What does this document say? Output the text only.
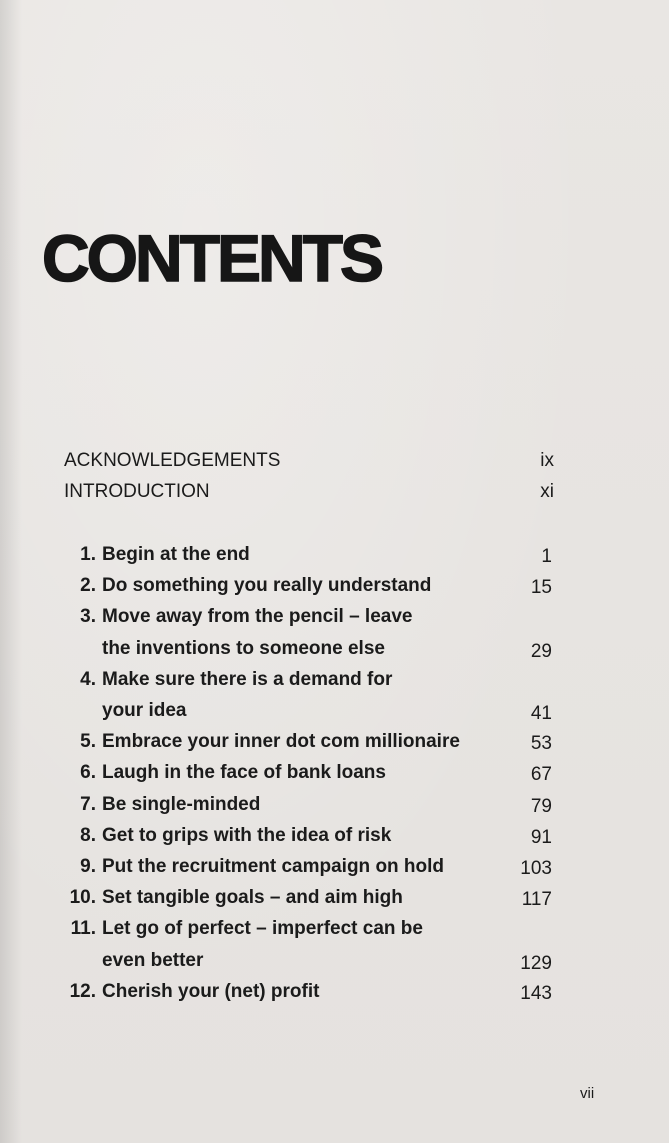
CONTENTS
ACKNOWLEDGEMENTS	ix
INTRODUCTION	xi
1. Begin at the end	1
2. Do something you really understand	15
3. Move away from the pencil – leave
the inventions to someone else	29
4. Make sure there is a demand for
your idea	41
5. Embrace your inner dot com millionaire	53
6. Laugh in the face of bank loans	67
7. Be single-minded	79
8. Get to grips with the idea of risk	91
9. Put the recruitment campaign on hold	103
10. Set tangible goals – and aim high	117
11. Let go of perfect – imperfect can be
even better	129
12. Cherish your (net) profit	143
vii
